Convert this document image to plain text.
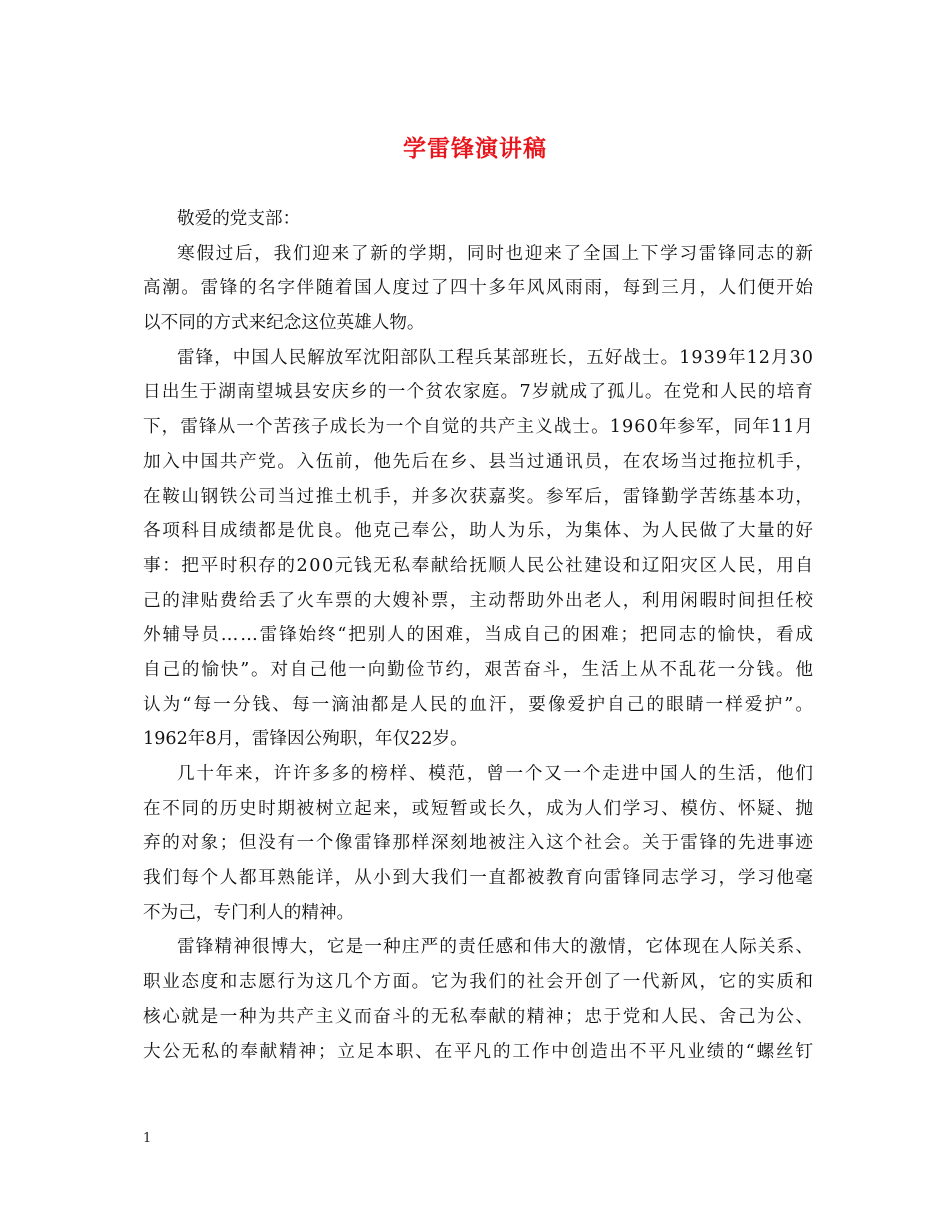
学雷锋演讲稿
敬爱的党支部：
寒假过后，我们迎来了新的学期，同时也迎来了全国上下学习雷锋同志的新
高潮。雷锋的名字伴随着国人度过了四十多年风风雨雨，每到三月，人们便开始
以不同的方式来纪念这位英雄人物。
雷锋，中国人民解放军沈阳部队工程兵某部班长，五好战士。1939年12月30
日出生于湖南望城县安庆乡的一个贫农家庭。7岁就成了孤儿。在党和人民的培育
下，雷锋从一个苦孩子成长为一个自觉的共产主义战士。1960年参军，同年11月
加入中国共产党。入伍前，他先后在乡、县当过通讯员，在农场当过拖拉机手，
在鞍山钢铁公司当过推土机手，并多次获嘉奖。参军后，雷锋勤学苦练基本功，
各项科目成绩都是优良。他克己奉公，助人为乐，为集体、为人民做了大量的好
事：把平时积存的200元钱无私奉献给抚顺人民公社建设和辽阳灾区人民，用自
己的津贴费给丢了火车票的大嫂补票，主动帮助外出老人，利用闲暇时间担任校
外辅导员……雷锋始终“把别人的困难，当成自己的困难；把同志的愉快，看成
自己的愉快”。对自己他一向勤俭节约，艰苦奋斗，生活上从不乱花一分钱。他
认为“每一分钱、每一滴油都是人民的血汗，要像爱护自己的眼睛一样爱护”。
1962年8月，雷锋因公殉职，年仅22岁。
几十年来，许许多多的榜样、模范，曾一个又一个走进中国人的生活，他们
在不同的历史时期被树立起来，或短暂或长久，成为人们学习、模仿、怀疑、抛
弃的对象；但没有一个像雷锋那样深刻地被注入这个社会。关于雷锋的先进事迹
我们每个人都耳熟能详，从小到大我们一直都被教育向雷锋同志学习，学习他毫
不为己，专门利人的精神。
雷锋精神很博大，它是一种庄严的责任感和伟大的激情，它体现在人际关系、
职业态度和志愿行为这几个方面。它为我们的社会开创了一代新风，它的实质和
核心就是一种为共产主义而奋斗的无私奉献的精神；忠于党和人民、舍己为公、
大公无私的奉献精神；立足本职、在平凡的工作中创造出不平凡业绩的“螺丝钉
1
